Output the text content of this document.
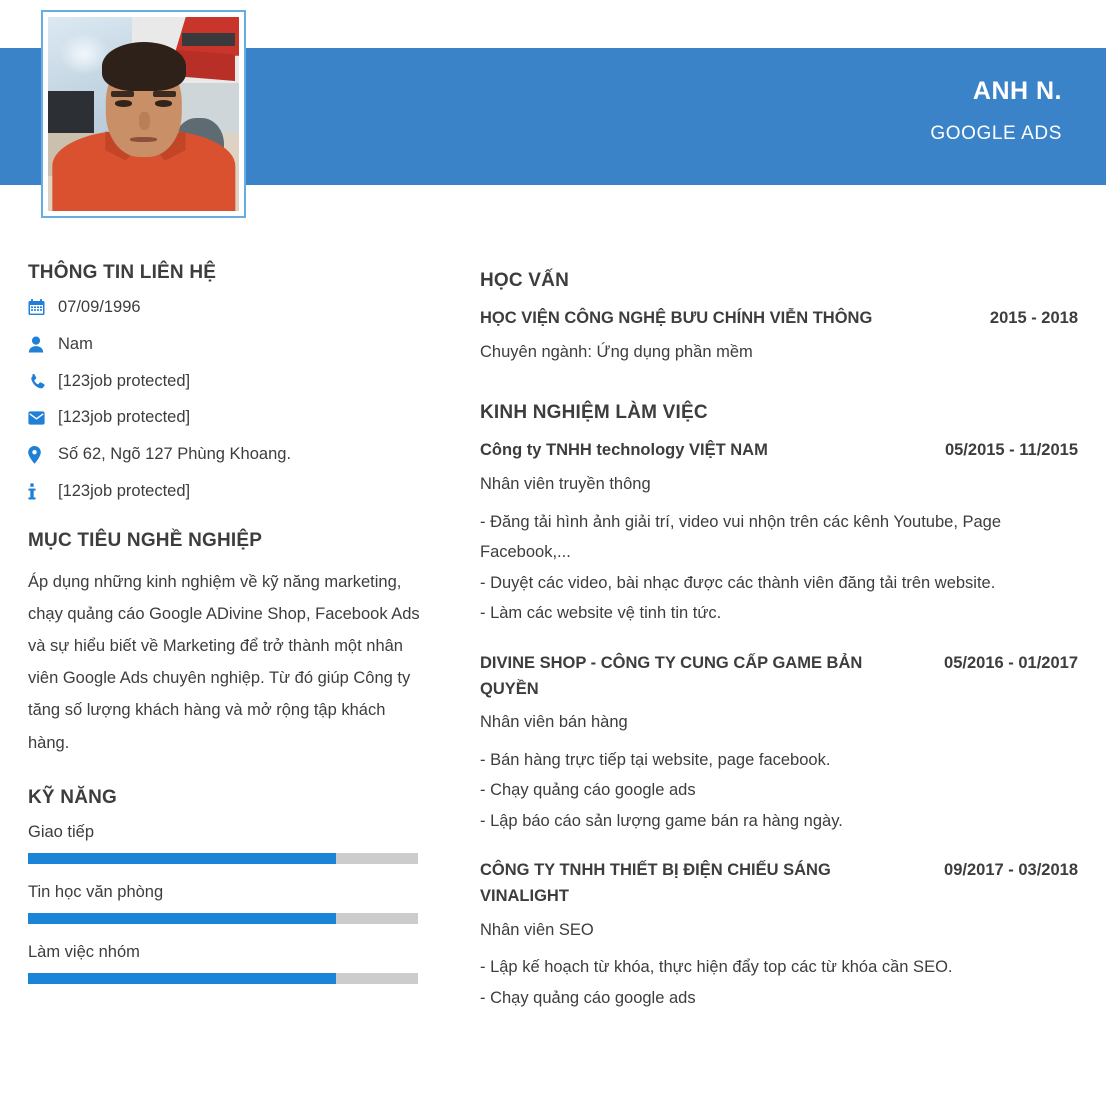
ANH N.
GOOGLE ADS
THÔNG TIN LIÊN HỆ
07/09/1996
Nam
[123job protected]
[123job protected]
Số 62, Ngõ 127 Phùng Khoang.
[123job protected]
MỤC TIÊU NGHỀ NGHIỆP

Áp dụng những kinh nghiệm về kỹ năng marketing, chạy quảng cáo Google ADivine Shop, Facebook Ads và sự hiểu biết về Marketing để trở thành một nhân viên Google Ads chuyên nghiệp. Từ đó giúp Công ty tăng số lượng khách hàng và mở rộng tập khách hàng.

KỸ NĂNG
Giao tiếp
Tin học văn phòng
Làm việc nhóm
HỌC VẤN
HỌC VIỆN CÔNG NGHỆ BƯU CHÍNH VIỄN THÔNG	2015 - 2018
Chuyên ngành: Ứng dụng phần mềm
KINH NGHIỆM LÀM VIỆC
Công ty TNHH technology VIỆT NAM	05/2015 - 11/2015
Nhân viên truyền thông
- Đăng tải hình ảnh giải trí, video vui nhộn trên các kênh Youtube, Page Facebook,...
- Duyệt các video, bài nhạc được các thành viên đăng tải trên website.
- Làm các website vệ tinh tin tức.
DIVINE SHOP - CÔNG TY CUNG CẤP GAME BẢN QUYỀN
05/2016 - 01/2017
Nhân viên bán hàng
- Bán hàng trực tiếp tại website, page facebook.
- Chạy quảng cáo google ads
- Lập báo cáo sản lượng game bán ra hàng ngày.
CÔNG TY TNHH THIẾT BỊ ĐIỆN CHIẾU SÁNG VINALIGHT
09/2017 - 03/2018
Nhân viên SEO
- Lập kế hoạch từ khóa, thực hiện đẩy top các từ khóa cần SEO.
- Chạy quảng cáo google ads
